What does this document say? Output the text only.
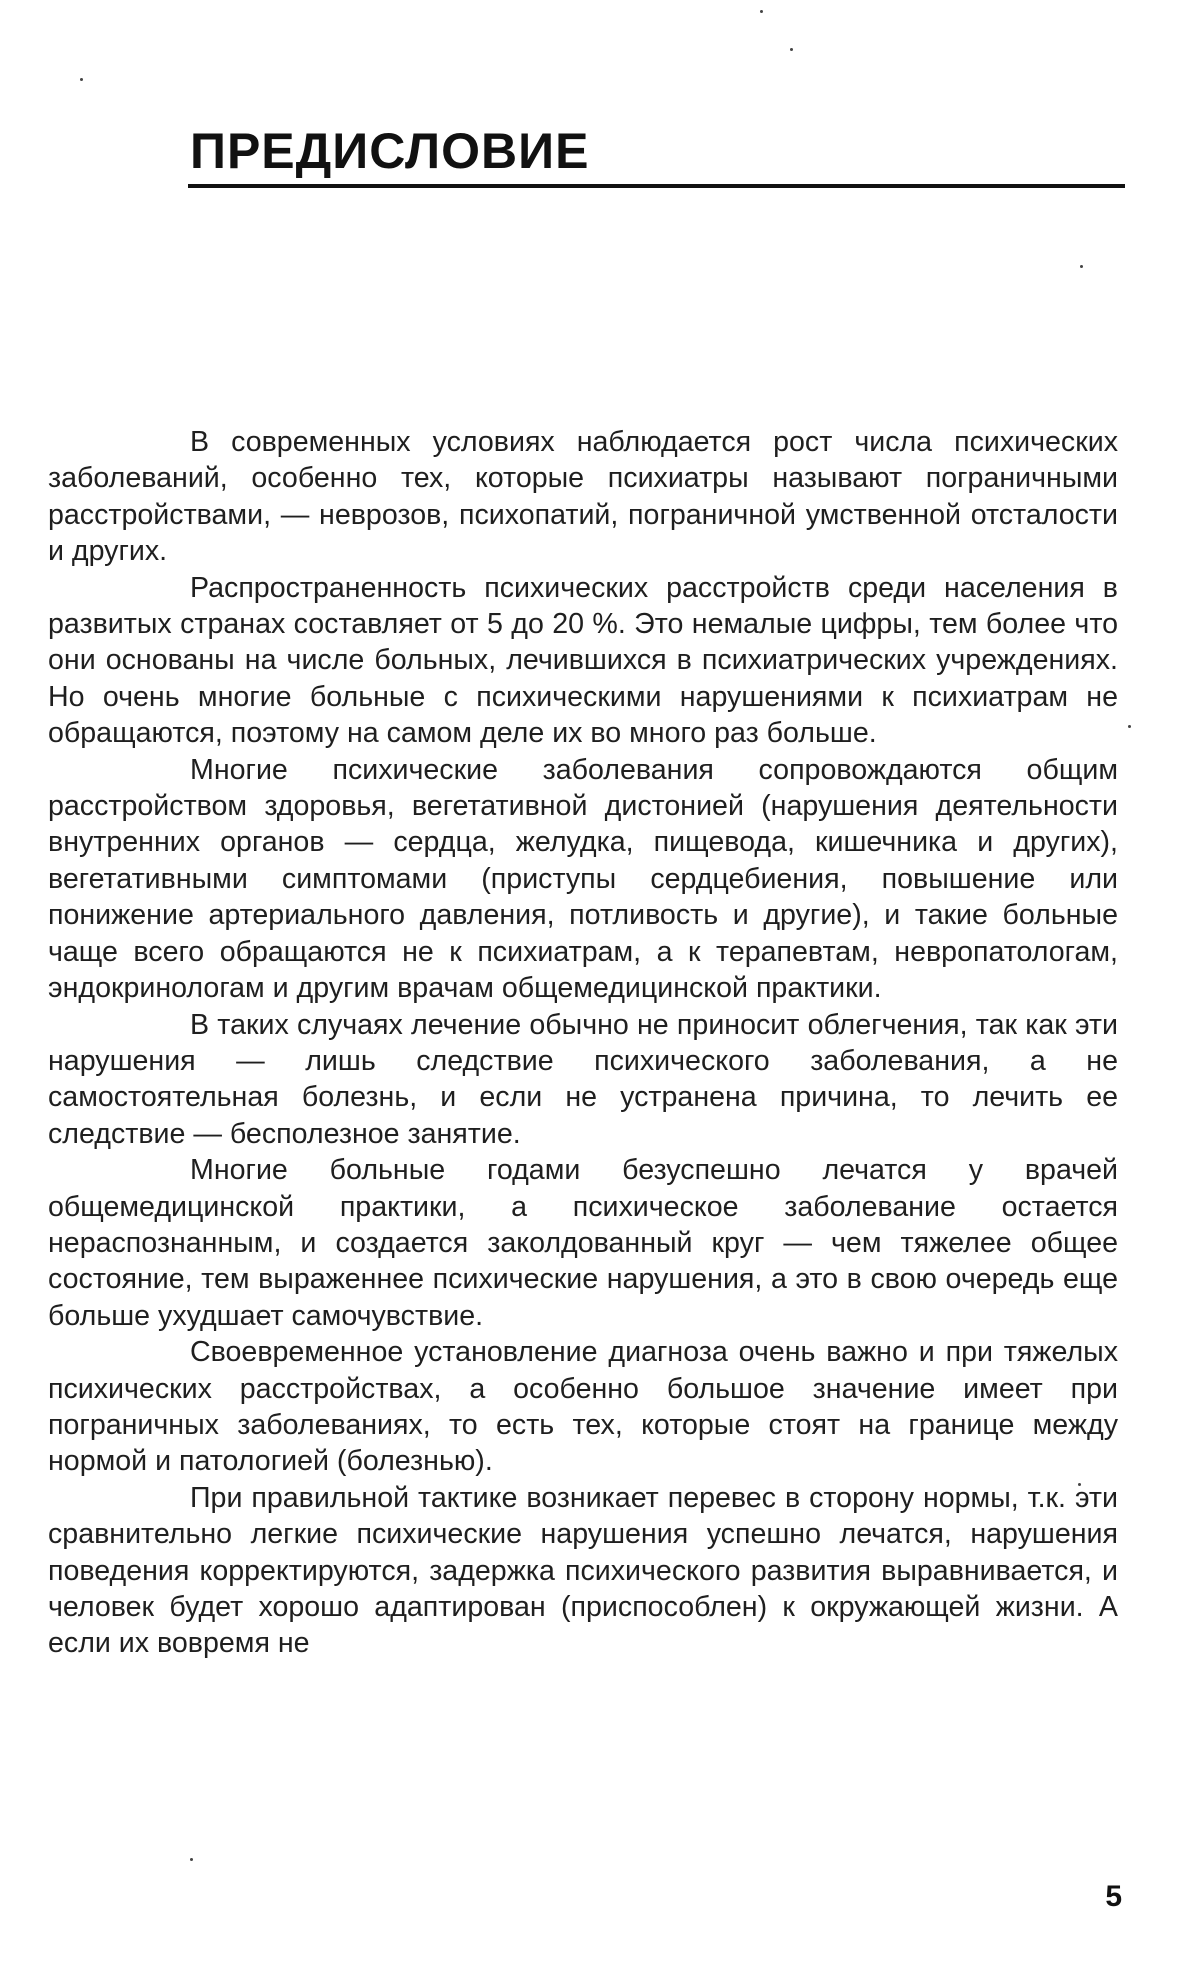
ПРЕДИСЛОВИЕ

В современных условиях наблюдается рост числа психических заболеваний, особенно тех, которые психиатры называют пограничными расстройствами, — неврозов, психопатий, пограничной умственной отсталости и других.

Распространенность психических расстройств среди населения в развитых странах составляет от 5 до 20 %. Это немалые цифры, тем более что они основаны на числе больных, лечившихся в психиатрических учреждениях. Но очень многие больные с психическими нарушениями к психиатрам не обращаются, поэтому на самом деле их во много раз больше.

Многие психические заболевания сопровождаются общим расстройством здоровья, вегетативной дистонией (нарушения деятельности внутренних органов — сердца, желудка, пищевода, кишечника и других), вегетативными симптомами (приступы сердцебиения, повышение или понижение артериального давления, потливость и другие), и такие больные чаще всего обращаются не к психиатрам, а к терапевтам, невропатологам, эндокринологам и другим врачам общемедицинской практики.

В таких случаях лечение обычно не приносит облегчения, так как эти нарушения — лишь следствие психического заболевания, а не самостоятельная болезнь, и если не устранена причина, то лечить ее следствие — бесполезное занятие.

Многие больные годами безуспешно лечатся у врачей общемедицинской практики, а психическое заболевание остается нераспознанным, и создается заколдованный круг — чем тяжелее общее состояние, тем выраженнее психические нарушения, а это в свою очередь еще больше ухудшает самочувствие.

Своевременное установление диагноза очень важно и при тяжелых психических расстройствах, а особенно большое значение имеет при пограничных заболеваниях, то есть тех, которые стоят на границе между нормой и патологией (болезнью).

При правильной тактике возникает перевес в сторону нормы, т.к. эти сравнительно легкие психические нарушения успешно лечатся, нарушения поведения корректируются, задержка психического развития выравнивается, и человек будет хорошо адаптирован (приспособлен) к окружающей жизни. А если их вовремя не

5
